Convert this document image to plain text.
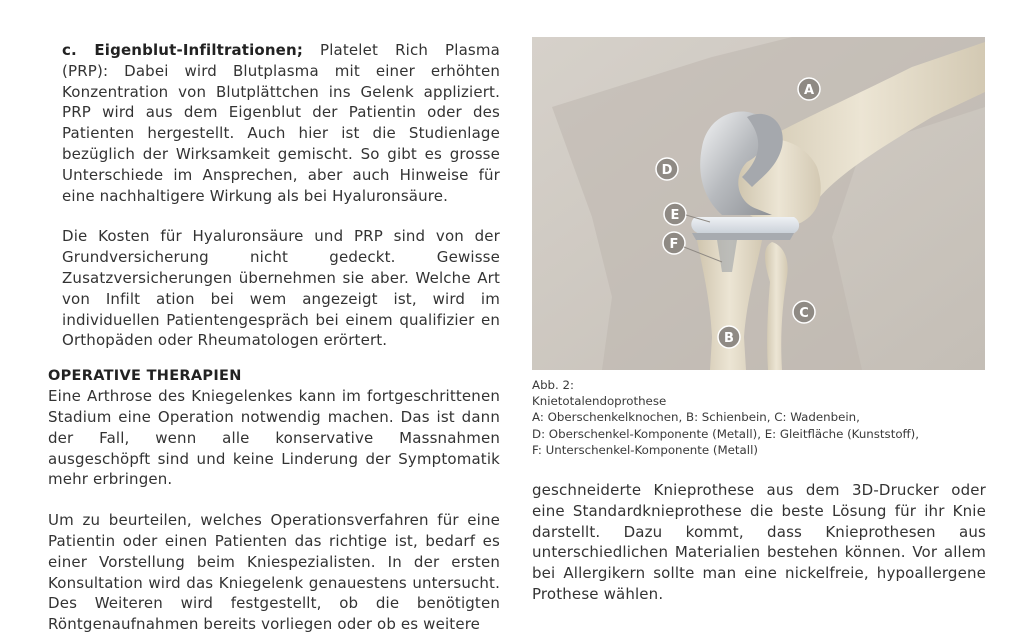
c. Eigenblut-Infiltrationen; Platelet Rich Plasma (PRP): Dabei wird Blutplasma mit einer erhöhten Konzentration von Blutplättchen ins Gelenk appliziert. PRP wird aus dem Eigenblut der Patientin oder des Patienten hergestellt. Auch hier ist die Studienlage bezüglich der Wirksamkeit gemischt. So gibt es grosse Unterschiede im Ansprechen, aber auch Hinweise für eine nachhaltigere Wirkung als bei Hyaluronsäure.

Die Kosten für Hyaluronsäure und PRP sind von der Grundversicherung nicht gedeckt. Gewisse Zusatzversicherungen übernehmen sie aber. Welche Art von Infilt ation bei wem angezeigt ist, wird im individuellen Patientengespräch bei einem qualifizier en Orthopäden oder Rheumatologen erörtert.

OPERATIVE THERAPIEN

Eine Arthrose des Kniegelenkes kann im fortgeschrittenen Stadium eine Operation notwendig machen. Das ist dann der Fall, wenn alle konservative Massnahmen ausgeschöpft sind und keine Linderung der Symptomatik mehr erbringen.

Um zu beurteilen, welches Operationsverfahren für eine Patientin oder einen Patienten das richtige ist, bedarf es einer Vorstellung beim Kniespezialisten. In der ersten Konsultation wird das Kniegelenk genauestens untersucht. Des Weiteren wird festgestellt, ob die benötigten Röntgenaufnahmen bereits vorliegen oder ob es weitere

A
D
E
F
C
B
Abb. 2:
Knietotalendoprothese
A: Oberschenkelknochen, B: Schienbein, C: Wadenbein,
D: Oberschenkel-Komponente (Metall), E: Gleitfläche (Kunststoff),
F: Unterschenkel-Komponente (Metall)

geschneiderte Knieprothese aus dem 3D-Drucker oder eine Standardknieprothese die beste Lösung für ihr Knie darstellt. Dazu kommt, dass Knieprothesen aus unterschiedlichen Materialien bestehen können. Vor allem bei Allergikern sollte man eine nickelfreie, hypoallergene Prothese wählen.
